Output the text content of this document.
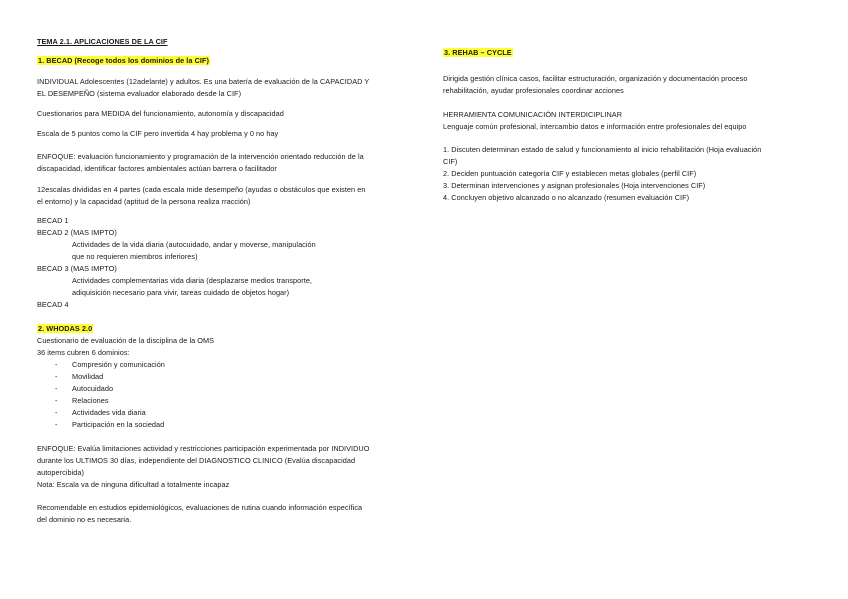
TEMA 2.1. APLICACIONES DE LA CIF
1. BECAD (Recoge todos los dominios de la CIF)
INDIVIDUAL Adolescentes (12adelante) y adultos. Es una batería de evaluación de la CAPACIDAD Y
EL DESEMPEÑO (sistema evaluador elaborado desde la CIF)
Cuestionarios para MEDIDA del funcionamiento, autonomía y discapacidad
Escala de 5 puntos como la CIF pero invertida 4 hay problema y 0 no hay
ENFOQUE: evaluación funcionamiento y programación de la intervención orientado reducción de la
discapacidad, identificar factores ambientales actúan barrera o facilitador
12escalas divididas en 4 partes (cada escala mide desempeño (ayudas o obstáculos que existen en
el entorno) y la capacidad (aptitud de la persona realiza rracción)
BECAD 1
BECAD 2 (MAS IMPTO)
Actividades de la vida diaria (autocuidado, andar y moverse, manipulación
que no requieren miembros inferiores)
BECAD 3 (MAS IMPTO)
Actividades complementarias vida diaria (desplazarse medios transporte,
adiquisición necesario para vivir, tareas cuidado de objetos hogar)
BECAD 4
2. WHODAS 2.0
Cuestionario de evaluación de la disciplina de la OMS
36 items cubren 6 dominios:
- Compresión y comunicación
- Movilidad
- Autocuidado
- Relaciones
- Actividades vida diaria
- Participación en la sociedad
ENFOQUE: Evalúa limitaciones actividad y restricciones participación experimentada por INDIVIDUO
durante los ULTIMOS 30 días, independiente del DIAGNOSTICO CLINICO (Evalúa discapacidad
autopercibida)
Nota: Escala va de ninguna dificultad a totalmente incapaz
Recomendable en estudios epidemiológicos, evaluaciones de rutina cuando información específica
del dominio no es necesaria.
3. REHAB – CYCLE
Dirigida gestión clínica casos, facilitar estructuración, organización y documentación proceso
rehabilitación, ayudar profesionales coordinar acciones
HERRAMIENTA COMUNICACIÓN INTERDICIPLINAR
Lenguaje común profesional, intercambio datos e información entre profesionales del equipo
1. Discuten determinan estado de salud y funcionamiento al inicio rehabilitación (Hoja evaluación
CIF)
2. Deciden puntuación categoría CIF y establecen metas globales (perfil CIF)
3. Determinan intervenciones y asignan profesionales (Hoja intervenciones CIF)
4. Concluyen objetivo alcanzado o no alcanzado (resumen evaluación CIF)
